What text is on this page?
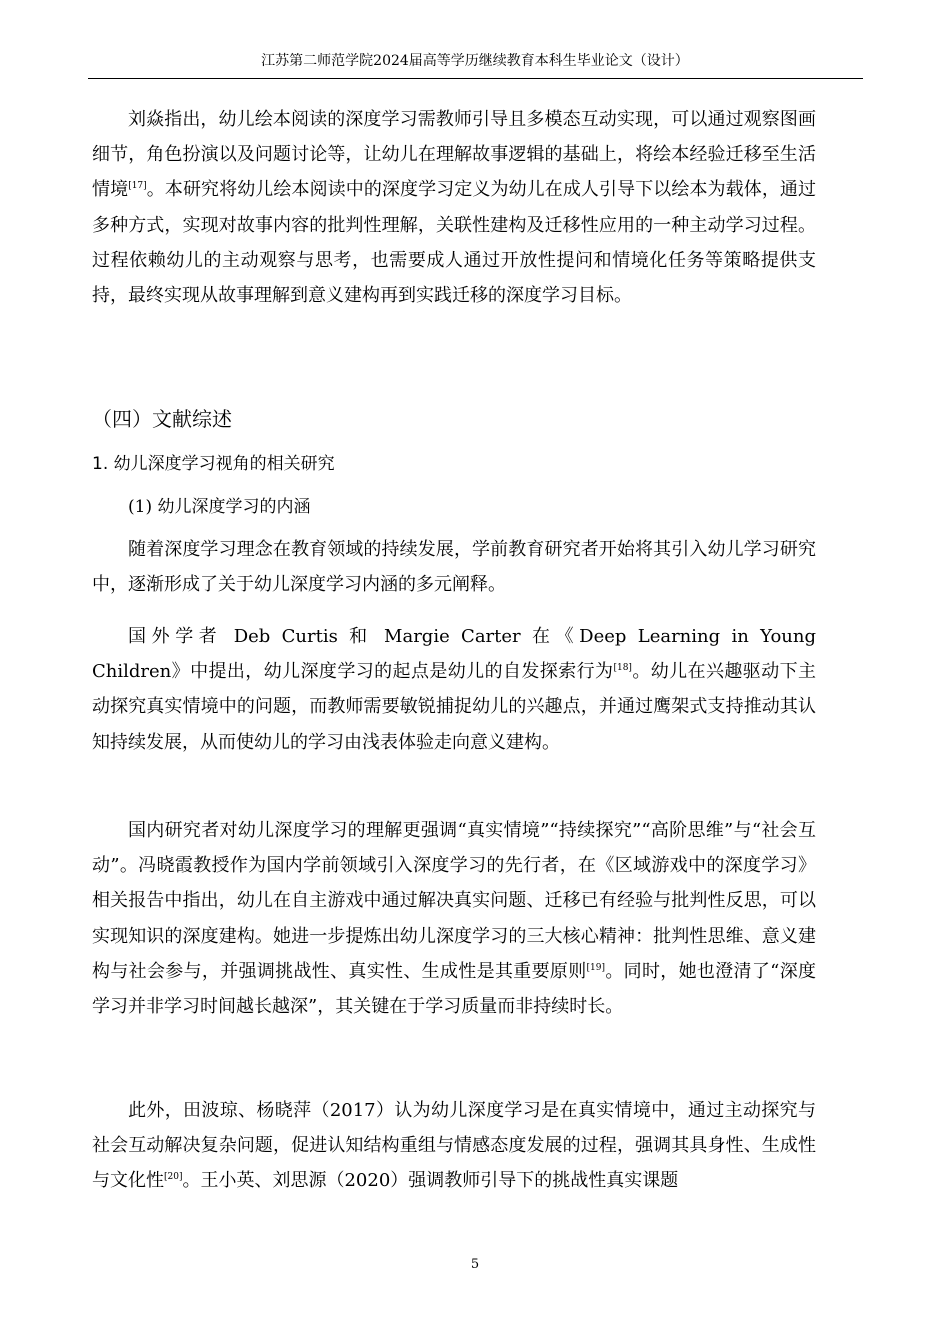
江苏第二师范学院2024届高等学历继续教育本科生毕业论文（设计）

刘焱指出，幼儿绘本阅读的深度学习需教师引导且多模态互动实现，可以通过观察图画细节，角色扮演以及问题讨论等，让幼儿在理解故事逻辑的基础上，将绘本经验迁移至生活情境[17]。本研究将幼儿绘本阅读中的深度学习定义为幼儿在成人引导下以绘本为载体，通过多种方式，实现对故事内容的批判性理解，关联性建构及迁移性应用的一种主动学习过程。过程依赖幼儿的主动观察与思考，也需要成人通过开放性提问和情境化任务等策略提供支持，最终实现从故事理解到意义建构再到实践迁移的深度学习目标。

（四）文献综述
1. 幼儿深度学习视角的相关研究
(1) 幼儿深度学习的内涵

随着深度学习理念在教育领域的持续发展，学前教育研究者开始将其引入幼儿学习研究中，逐渐形成了关于幼儿深度学习内涵的多元阐释。

国外学者 Deb Curtis 和 Margie Carter 在《Deep Learning in Young Children》中提出，幼儿深度学习的起点是幼儿的自发探索行为[18]。幼儿在兴趣驱动下主动探究真实情境中的问题，而教师需要敏锐捕捉幼儿的兴趣点，并通过鹰架式支持推动其认知持续发展，从而使幼儿的学习由浅表体验走向意义建构。

国内研究者对幼儿深度学习的理解更强调“真实情境”“持续探究”“高阶思维”与“社会互动”。冯晓霞教授作为国内学前领域引入深度学习的先行者，在《区域游戏中的深度学习》相关报告中指出，幼儿在自主游戏中通过解决真实问题、迁移已有经验与批判性反思，可以实现知识的深度建构。她进一步提炼出幼儿深度学习的三大核心精神：批判性思维、意义建构与社会参与，并强调挑战性、真实性、生成性是其重要原则[19]。同时，她也澄清了“深度学习并非学习时间越长越深”，其关键在于学习质量而非持续时长。

此外，田波琼、杨晓萍（2017）认为幼儿深度学习是在真实情境中，通过主动探究与社会互动解决复杂问题，促进认知结构重组与情感态度发展的过程，强调其具身性、生成性与文化性[20]。王小英、刘思源（2020）强调教师引导下的挑战性真实课题

5
